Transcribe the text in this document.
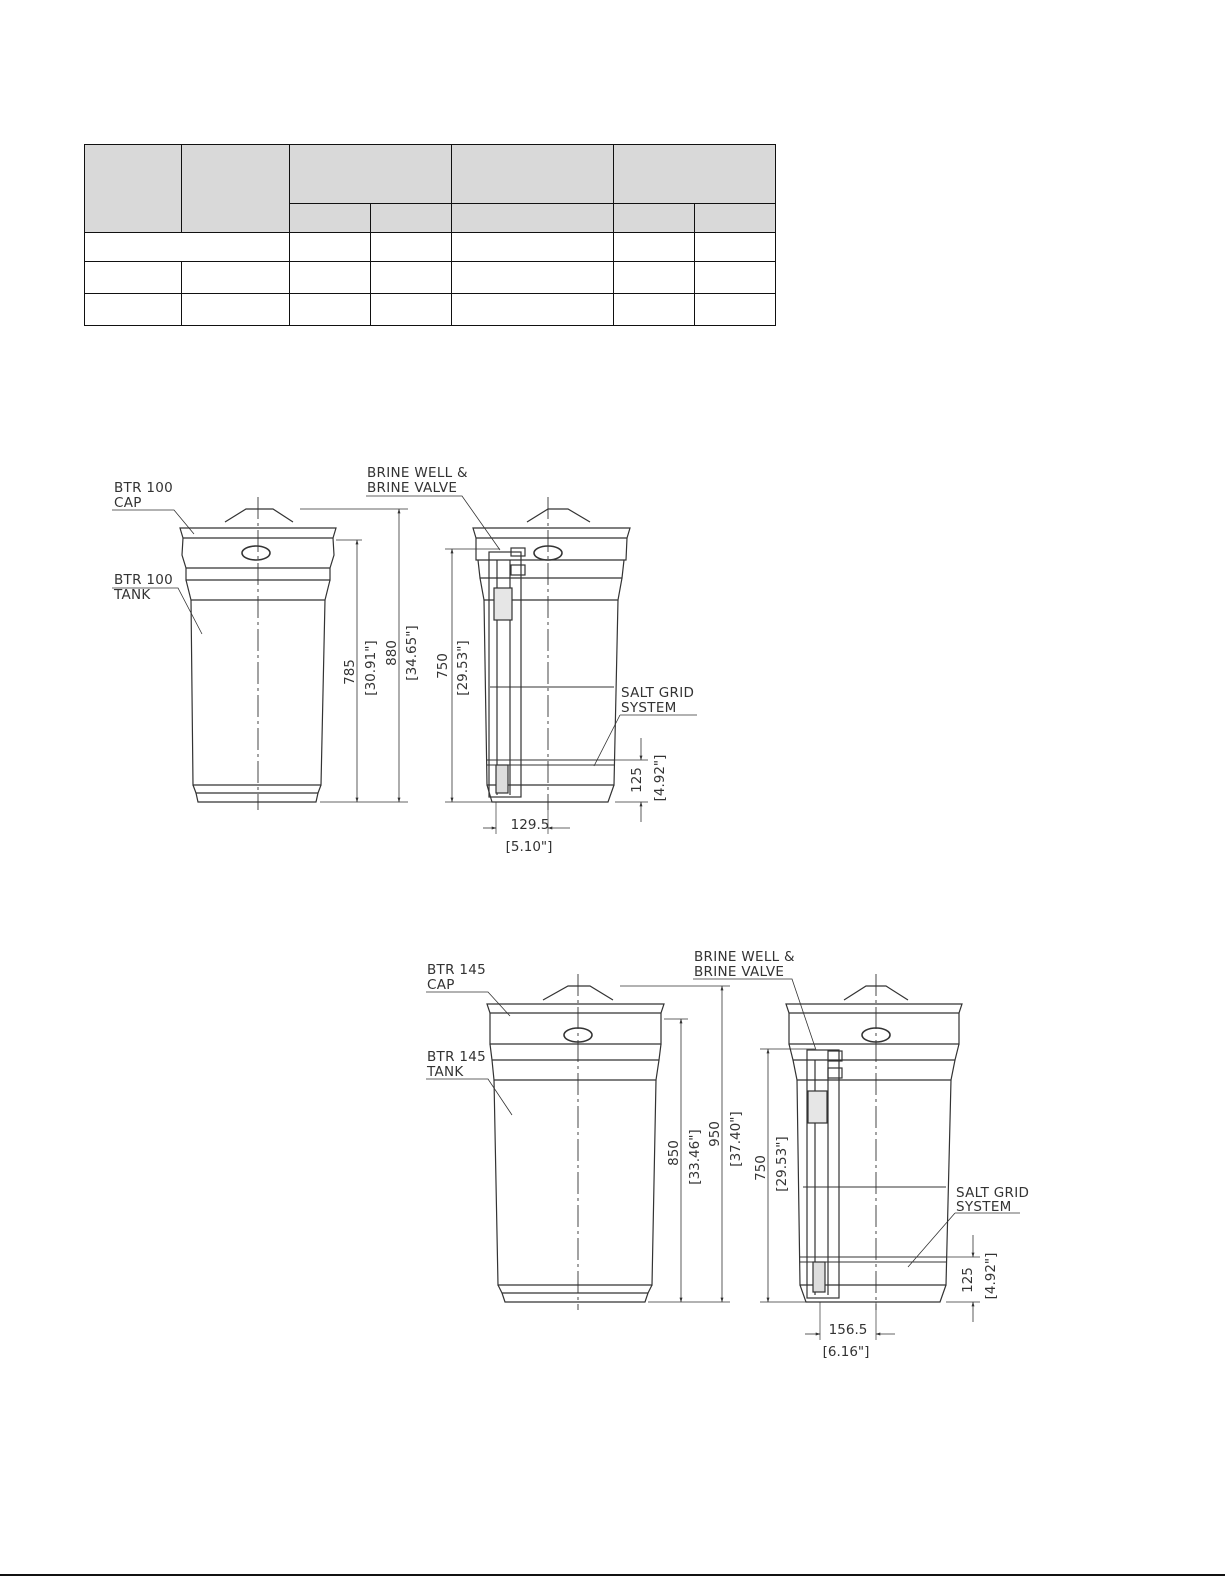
BTR 100
CAP
BTR 100
TANK
BRINE WELL &
BRINE VALVE
SALT GRID
SYSTEM
785 [30.91"] 880 [34.65"] 750 [29.53"]
125 [4.92"]
129.5
[5.10"]
BTR 145
CAP
BTR 145
TANK
BRINE WELL &
BRINE VALVE
SALT GRID
SYSTEM
850 [33.46"] 950 [37.40"]
750 [29.53"]
125 [4.92"]
156.5
[6.16"]
